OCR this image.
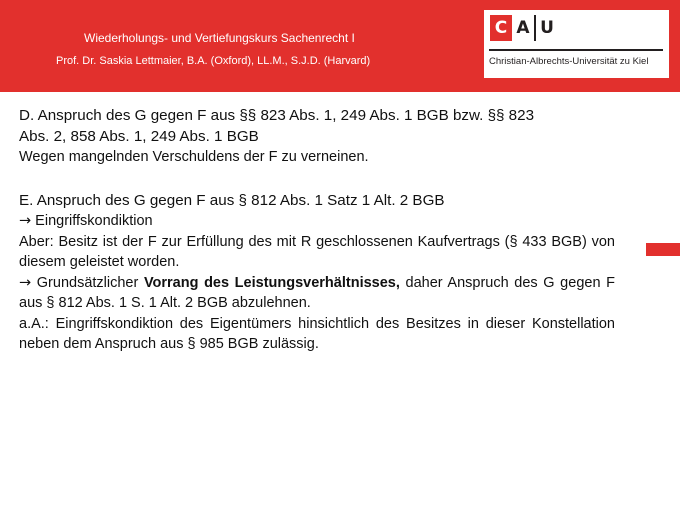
Wiederholungs- und Vertiefungskurs Sachenrecht I
Prof. Dr. Saskia Lettmaier, B.A. (Oxford), LL.M., S.J.D. (Harvard)
C A U
Christian-Albrechts-Universität zu Kiel

D. Anspruch des G gegen F aus §§ 823 Abs. 1, 249 Abs. 1 BGB bzw. §§ 823

Abs. 2, 858 Abs. 1, 249 Abs. 1 BGB

Wegen mangelnden Verschuldens der F zu verneinen.

E. Anspruch des G gegen F aus § 812 Abs. 1 Satz 1 Alt. 2 BGB

→ Eingriffskondiktion

Aber: Besitz ist der F zur Erfüllung des mit R geschlossenen Kaufvertrags (§ 433 BGB) von diesem geleistet worden.

→ Grundsätzlicher Vorrang des Leistungsverhältnisses, daher Anspruch des G gegen F aus § 812 Abs. 1 S. 1 Alt. 2 BGB abzulehnen.

a.A.: Eingriffskondiktion des Eigentümers hinsichtlich des Besitzes in dieser Konstellation neben dem Anspruch aus § 985 BGB zulässig.
